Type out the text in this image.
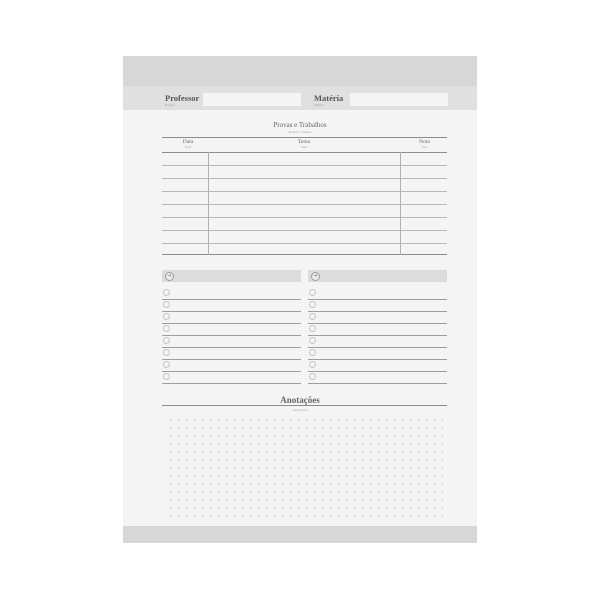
Professor
Profesor
Matéria
Materia
Provas e Trabalhos
Pruebas y Trabajos
Data
Fecha
Tema
Tema
Nota
Nota
➔	➔
Anotações
Anotaciones
